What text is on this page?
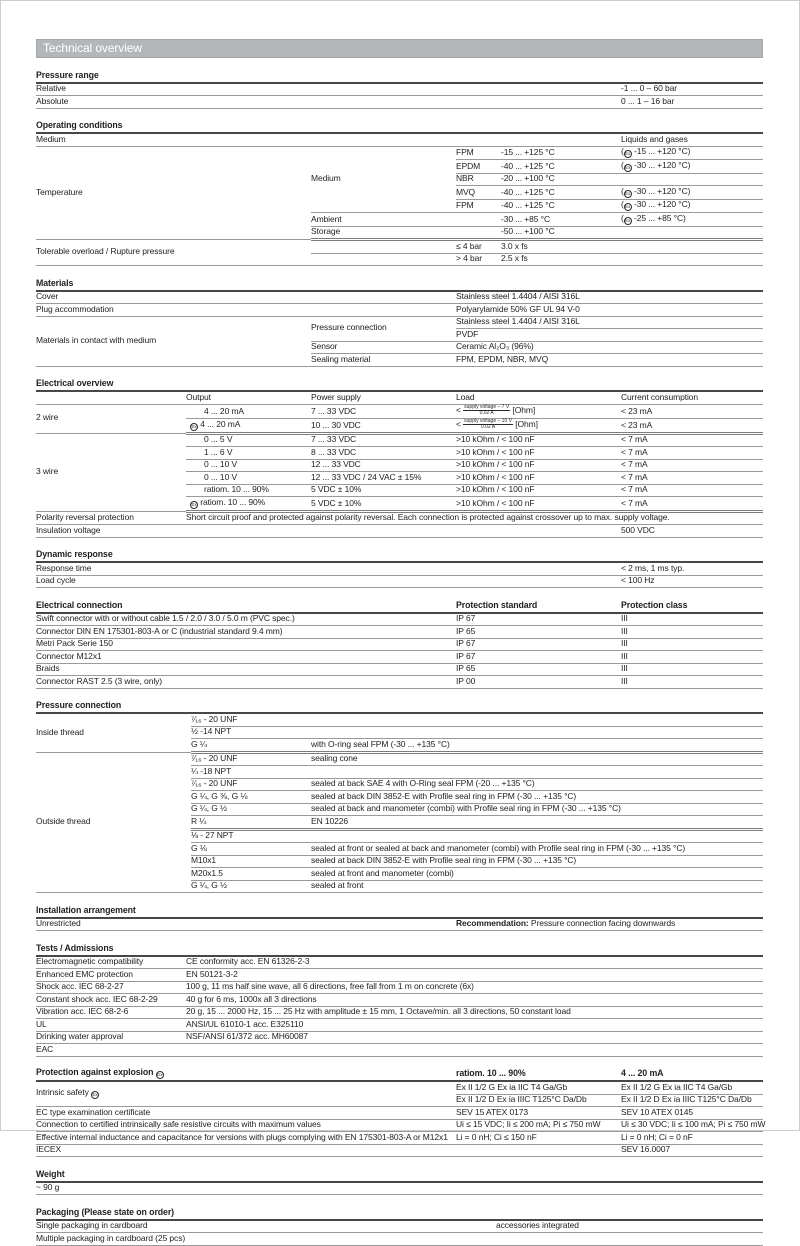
Technical overview
Pressure range	
Relative	-1 ... 0 – 60 bar
Absolute	0 ... 1 – 16 bar
Operating conditions				
Medium				Liquids and gases
Temperature	Medium	FPM	-15 ... +125 °C	(Ex -15 ... +120 °C)
		EPDM	-40 ... +125 °C	(Ex -30 ... +120 °C)
		NBR	-20 ... +100 °C	
		MVQ	-40 ... +125 °C	(Ex -30 ... +120 °C)
		FPM	-40 ... +125 °C	(Ex -30 ... +120 °C)
	Ambient		-30 ... +85 °C	(Ex -25 ... +85 °C)
	Storage		-50 ... +100 °C	
Tolerable overload / Rupture pressure		≤ 4 bar	3.0 x fs	
		> 4 bar	2.5 x fs	
Materials		
Cover		Stainless steel 1.4404 / AISI 316L
Plug accommodation		Polyarylamide 50% GF UL 94 V-0
Materials in contact with medium	Pressure connection	Stainless steel 1.4404 / AISI 316L
		PVDF
	Sensor	Ceramic Al₂O₃ (96%)
	Sealing material	FPM, EPDM, NBR, MVQ
Electrical overview				
	Output	Power supply	Load	Current consumption
2 wire	4 ... 20 mA	7 ... 33 VDC	< $\frac{\text{supply voltage – 7 V}}{0.02 A} [Ohm]$	< 23 mA
	Ex 4 ... 20 mA	10 ... 30 VDC	< $\frac{\text{supply voltage – 10 V}}{0.02 A} [Ohm]$	< 23 mA
3 wire	0 ... 5 V	7 ... 33 VDC	>10 kOhm / < 100 nF	< 7 mA
	1 ... 6 V	8 ... 33 VDC	>10 kOhm / < 100 nF	< 7 mA
	0 ... 10 V	12 ... 33 VDC	>10 kOhm / < 100 nF	< 7 mA
	0 ... 10 V	12 ... 33 VDC / 24 VAC ± 15%	>10 kOhm / < 100 nF	< 7 mA
	ratiom. 10 ... 90%	5 VDC ± 10%	>10 kOhm / < 100 nF	< 7 mA
	Ex ratiom. 10 ... 90%	5 VDC ± 10%	>10 kOhm / < 100 nF	< 7 mA
Polarity reversal protection	Short circuit proof and protected against polarity reversal. Each connection is protected against crossover up to max. supply voltage.			
Insulation voltage				500 VDC
Dynamic response	
Response time	< 2 ms, 1 ms typ.
Load cycle	< 100 Hz
Electrical connection	Protection standard	Protection class
Swift connector with or without cable 1.5 / 2.0 / 3.0 / 5.0 m (PVC spec.)	IP 67	III
Connector DIN EN 175301-803-A or C (industrial standard 9.4 mm)	IP 65	III
Metri Pack Serie 150	IP 67	III
Connector M12x1	IP 67	III
Braids	IP 65	III
Connector RAST 2.5 (3 wire, only)	IP 00	III
Pressure connection		
Inside thread	⁷⁄₁₆ - 20 UNF	
	½ -14 NPT	
	G ¼	with O-ring seal FPM (-30 ... +135 °C)
Outside thread	⁷⁄₁₆ - 20 UNF	sealing cone
	¼ -18 NPT	
	⁷⁄₁₆ - 20 UNF	sealed at back SAE 4 with O-Ring seal FPM (-20 ... +135 °C)
	G ¼, G ⅜, G ⅛	sealed at back DIN 3852-E with Profile seal ring in FPM (-30 ... +135 °C)
	G ¼, G ½	sealed at back and manometer (combi) with Profile seal ring in FPM (-30 ... +135 °C)
	R ¼	EN 10226
	⅛ - 27 NPT	
	G ⅛	sealed at front or sealed at back and manometer (combi) with Profile seal ring in FPM (-30 ... +135 °C)
	M10x1	sealed at back DIN 3852-E with Profile seal ring in FPM (-30 ... +135 °C)
	M20x1.5	sealed at front and manometer (combi)
	G ¼, G ½	sealed at front
Installation arrangement
Unrestricted	Recommendation: Pressure connection facing downwards
Tests / Admissions	
Electromagnetic compatibility	CE conformity acc. EN 61326-2-3
Enhanced EMC protection	EN 50121-3-2
Shock acc. IEC 68-2-27	100 g, 11 ms half sine wave, all 6 directions, free fall from 1 m on concrete (6x)
Constant shock acc. IEC 68-2-29	40 g for 6 ms, 1000x all 3 directions
Vibration acc. IEC 68-2-6	20 g, 15 ... 2000 Hz, 15 ... 25 Hz with amplitude ± 15 mm, 1 Octave/min. all 3 directions, 50 constant load
UL	ANSI/UL 61010-1 acc. E325110
Drinking water approval	NSF/ANSI 61/372 acc. MH60087
EAC	
Protection against explosion Ex	ratiom. 10 ... 90%	4 ... 20 mA
Intrinsic safety Ex	Ex II 1/2 G Ex ia IIC T4 Ga/Gb	Ex II 1/2 G Ex ia IIC T4 Ga/Gb
	Ex II 1/2 D Ex ia IIIC T125°C Da/Db	Ex II 1/2 D Ex ia IIIC T125°C Da/Db
EC type examination certificate	SEV 15 ATEX 0173	SEV 10 ATEX 0145
Connection to certified intrinsically safe resistive circuits with maximum values	Ui ≤ 15 VDC; Ii ≤ 200 mA; Pi ≤ 750 mW	Ui ≤ 30 VDC; Ii ≤ 100 mA; Pi ≤ 750 mW
Effective internal inductance and capacitance for versions with plugs complying with EN 175301-803-A or M12x1	Li = 0 nH; Ci ≤ 150 nF	Li = 0 nH; Ci = 0 nF
IECEX		SEV 16.0007
Weight
~ 90 g
Packaging (Please state on order)	
Single packaging in cardboard	accessories integrated
Multiple packaging in cardboard (25 pcs)	
